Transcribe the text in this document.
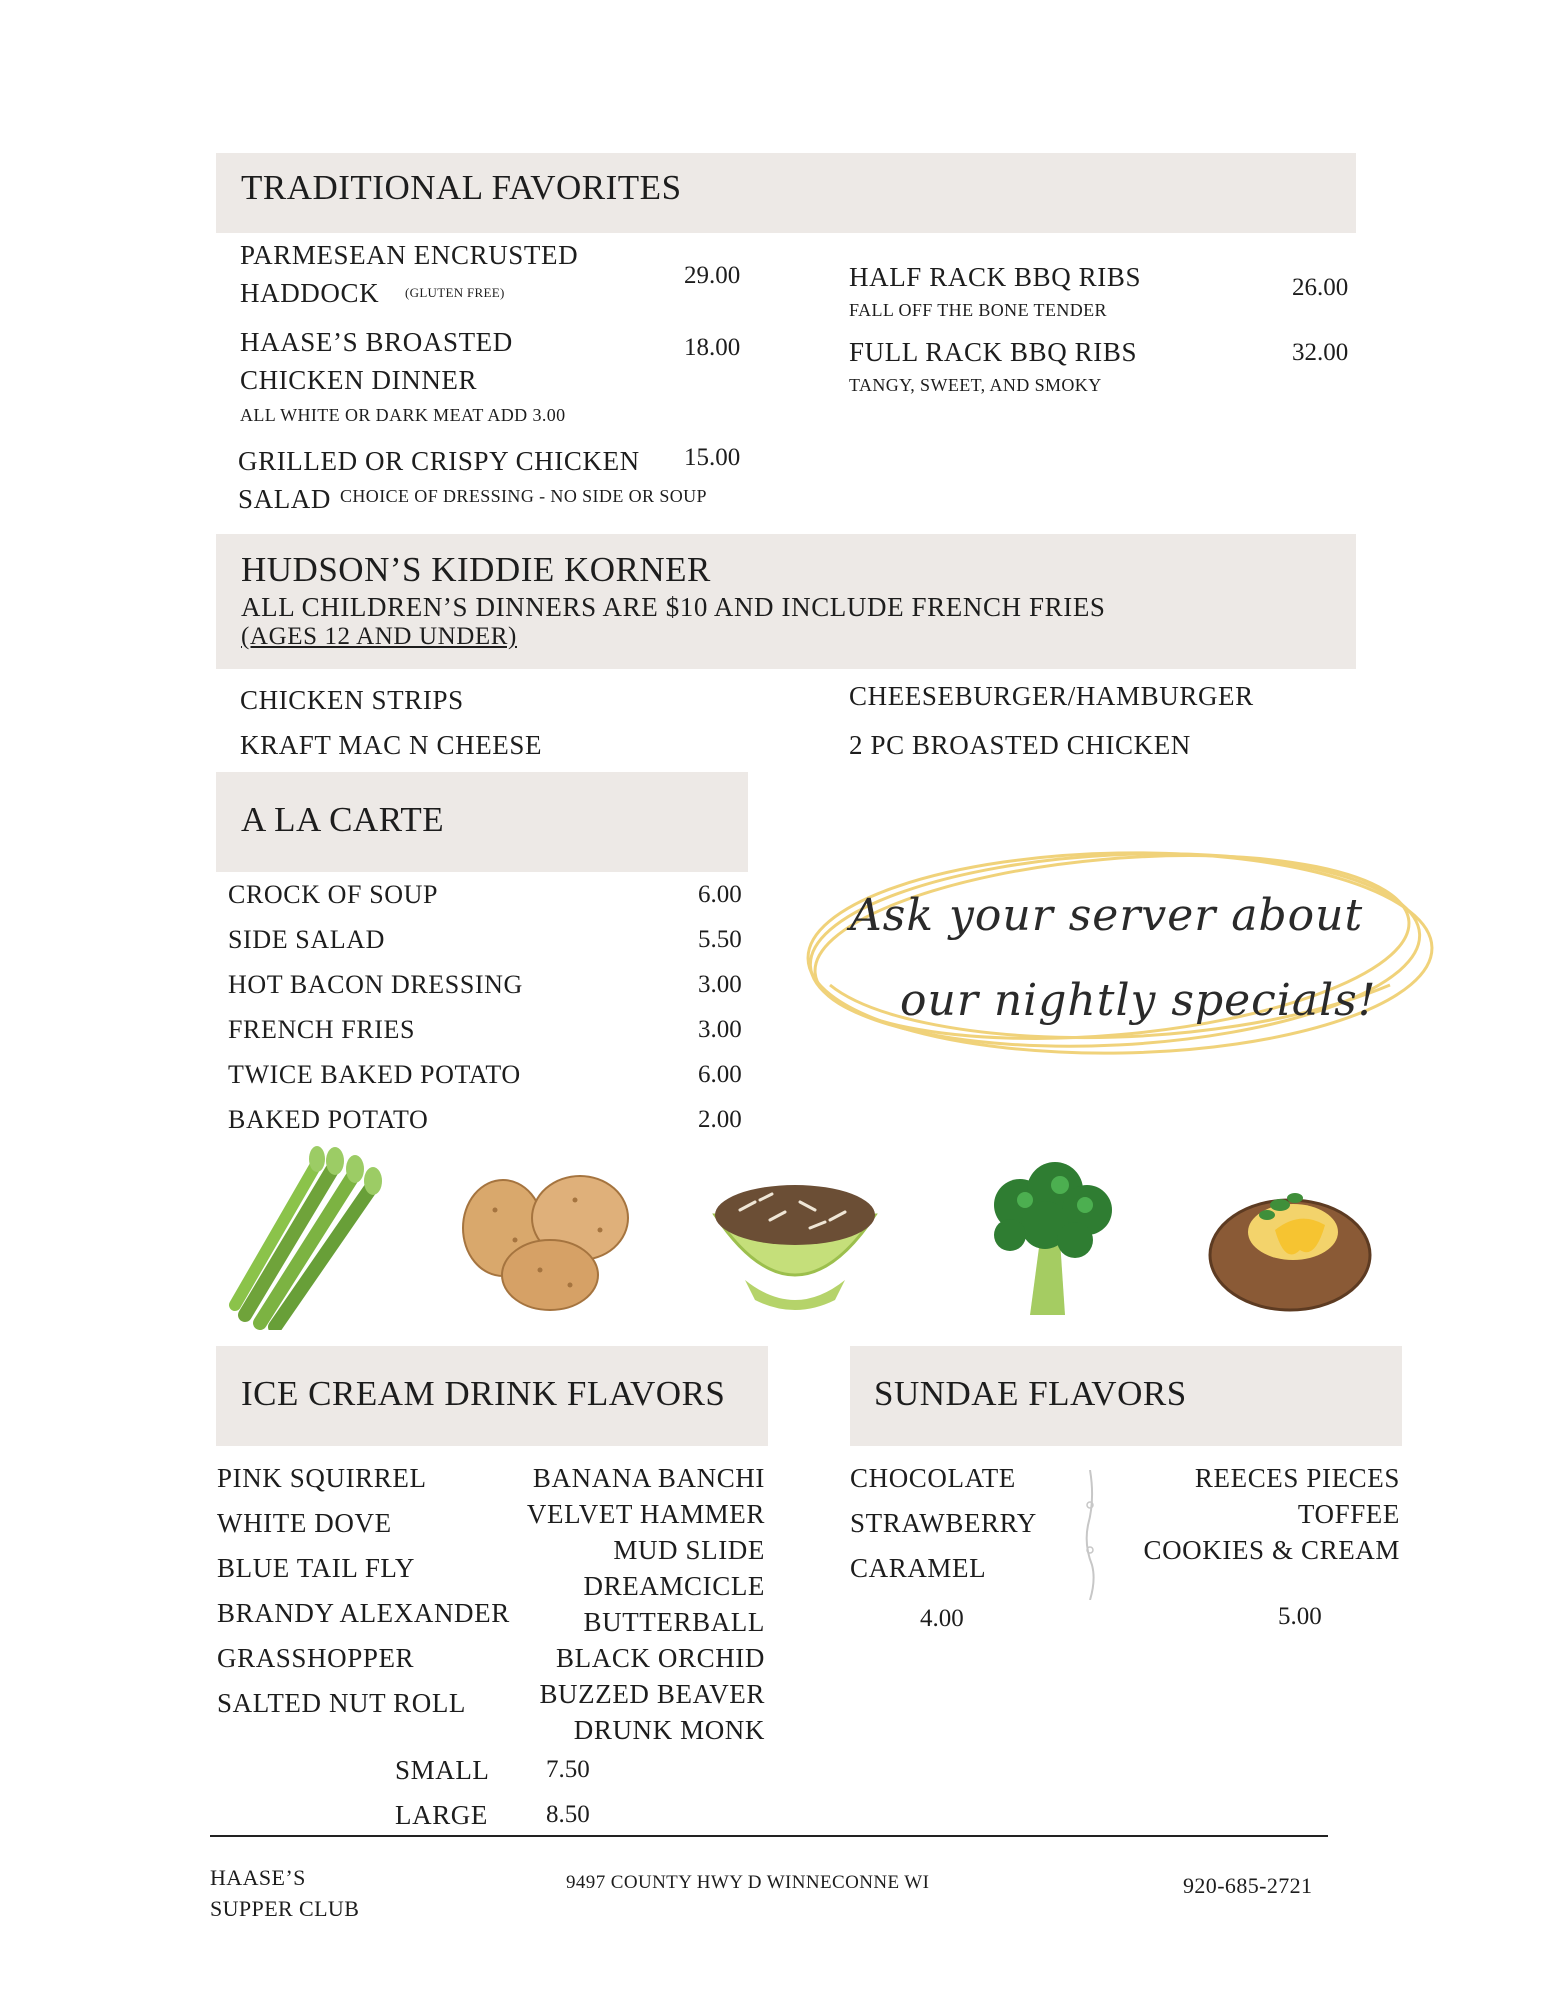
TRADITIONAL FAVORITES
PARMESEAN ENCRUSTED
HADDOCK (GLUTEN FREE)
29.00
HAASE’S BROASTED
CHICKEN DINNER
ALL WHITE OR DARK MEAT ADD 3.00
18.00
GRILLED OR CRISPY CHICKEN
SALAD CHOICE OF DRESSING - NO SIDE OR SOUP
15.00
HALF RACK BBQ RIBS
FALL OFF THE BONE TENDER
26.00
FULL RACK BBQ RIBS
TANGY, SWEET, AND SMOKY
32.00
HUDSON’S KIDDIE KORNER
ALL CHILDREN’S DINNERS ARE $10 AND INCLUDE FRENCH FRIES
(AGES 12 AND UNDER)
CHICKEN STRIPS
KRAFT MAC N CHEESE
CHEESEBURGER/HAMBURGER
2 PC BROASTED CHICKEN
A LA CARTE
CROCK OF SOUP	6.00
SIDE SALAD	5.50
HOT BACON DRESSING	3.00
FRENCH FRIES	3.00
TWICE BAKED POTATO	6.00
BAKED POTATO	2.00
Ask your server about
our nightly specials!
ICE CREAM DRINK FLAVORS
PINK SQUIRREL
WHITE DOVE
BLUE TAIL FLY
BRANDY ALEXANDER
GRASSHOPPER
SALTED NUT ROLL
BANANA BANCHI
VELVET HAMMER
MUD SLIDE
DREAMCICLE
BUTTERBALL
BLACK ORCHID
BUZZED BEAVER
DRUNK MONK
SMALL 7.50
LARGE 8.50
SUNDAE FLAVORS
CHOCOLATE
STRAWBERRY
CARAMEL
REECES PIECES
TOFFEE
COOKIES & CREAM
4.00	5.00
HAASE’S
SUPPER CLUB
9497 COUNTY HWY D WINNECONNE WI	920-685-2721
